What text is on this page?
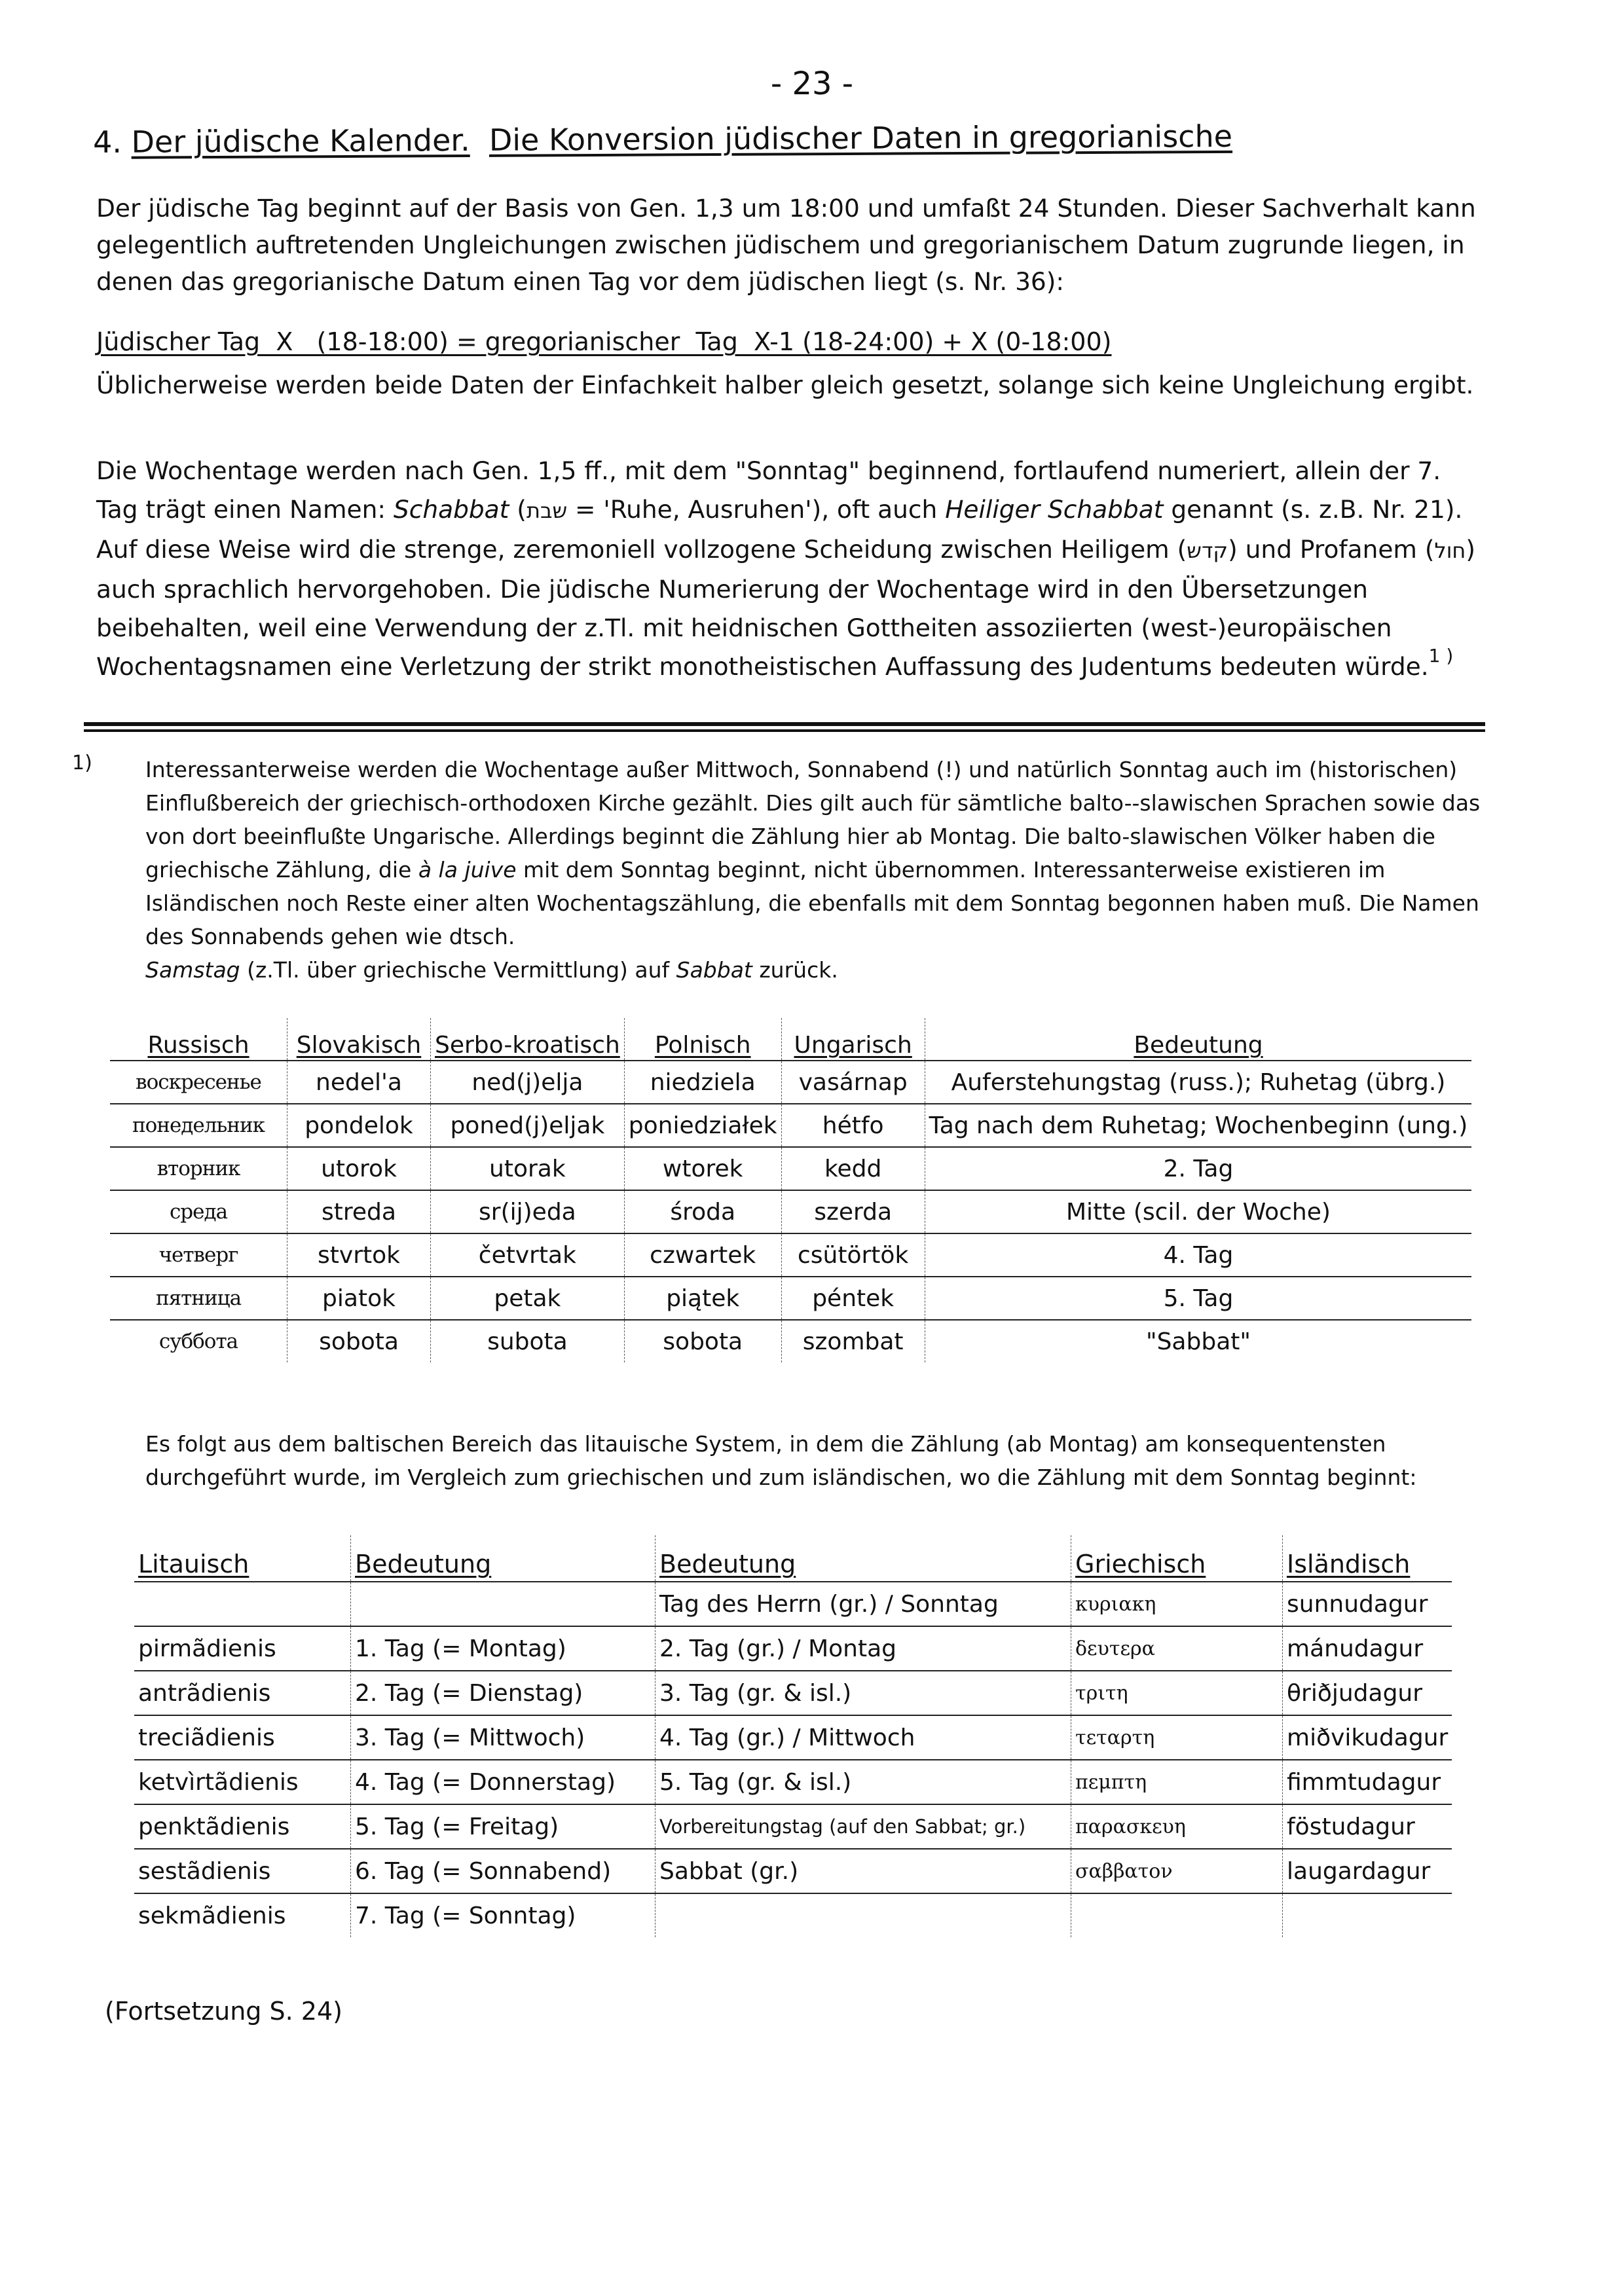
- 23 -
4. Der jüdische Kalender. Die Konversion jüdischer Daten in gregorianische
Der jüdische Tag beginnt auf der Basis von Gen. 1,3 um 18:00 und umfaßt 24 Stunden. Dieser Sachverhalt kann gelegentlich auftretenden Ungleichungen zwischen jüdischem und gregorianischem Datum zugrunde liegen, in denen das gregorianische Datum einen Tag vor dem jüdischen liegt (s. Nr. 36):
Jüdischer Tag  X   (18-18:00) = gregorianischer  Tag  X-1 (18-24:00) + X (0-18:00)
Üblicherweise werden beide Daten der Einfachkeit halber gleich gesetzt, solange sich keine Ungleichung ergibt.
Die Wochentage werden nach Gen. 1,5 ff., mit dem "Sonntag" beginnend, fortlaufend numeriert, allein der 7. Tag trägt einen Namen: Schabbat (שבת = 'Ruhe, Ausruhen'), oft auch Heiliger Schabbat genannt (s. z.B. Nr. 21). Auf diese Weise wird die strenge, zeremoniell vollzogene Scheidung zwischen Heiligem (קדש) und Profanem (חול) auch sprachlich hervorgehoben. Die jüdische Numerierung der Wochentage wird in den Übersetzungen beibehalten, weil eine Verwendung der z.Tl. mit heidnischen Gottheiten assoziierten (west-)europäischen Wochentagsnamen eine Verletzung der strikt monotheistischen Auffassung des Judentums bedeuten würde.$^{1 )}$
1) Interessanterweise werden die Wochentage außer Mittwoch, Sonnabend (!) und natürlich Sonntag auch im (historischen) Einflußbereich der griechisch-orthodoxen Kirche gezählt. Dies gilt auch für sämtliche balto--slawischen Sprachen sowie das von dort beeinflußte Ungarische. Allerdings beginnt die Zählung hier ab Montag. Die balto-slawischen Völker haben die griechische Zählung, die à la juive mit dem Sonntag beginnt, nicht übernommen. Interessanterweise existieren im Isländischen noch Reste einer alten Wochentagszählung, die ebenfalls mit dem Sonntag begonnen haben muß. Die Namen des Sonnabends gehen wie dtsch.
Samstag (z.Tl. über griechische Vermittlung) auf Sabbat zurück.
Russisch	Slovakisch	Serbo-kroatisch	Polnisch	Ungarisch	Bedeutung
воскресенье	nedel'a	ned(j)elja	niedziela	vasárnap	Auferstehungstag (russ.); Ruhetag (übrg.)
понедельник	pondelok	poned(j)eljak	poniedziałek	hétfo	Tag nach dem Ruhetag; Wochenbeginn (ung.)
вторник	utorok	utorak	wtorek	kedd	2. Tag
среда	streda	sr(ij)eda	środa	szerda	Mitte (scil. der Woche)
четверг	stvrtok	četvrtak	czwartek	csütörtök	4. Tag
пятница	piatok	petak	piątek	péntek	5. Tag
суббота	sobota	subota	sobota	szombat	"Sabbat"
Es folgt aus dem baltischen Bereich das litauische System, in dem die Zählung (ab Montag) am konsequentensten durchgeführt wurde, im Vergleich zum griechischen und zum isländischen, wo die Zählung mit dem Sonntag beginnt:
Litauisch	Bedeutung	Bedeutung	Griechisch	Isländisch
		Tag des Herrn (gr.) / Sonntag	κυριακη	sunnudagur
pirmãdienis	1. Tag (= Montag)	2. Tag (gr.) / Montag	δευτερα	mánudagur
antrãdienis	2. Tag (= Dienstag)	3. Tag (gr. & isl.)	τριτη	θriðjudagur
treciãdienis	3. Tag (= Mittwoch)	4. Tag (gr.) / Mittwoch	τεταρτη	miðvikudagur
ketvìrtãdienis	4. Tag (= Donnerstag)	5. Tag (gr. & isl.)	πεμπτη	fimmtudagur
penktãdienis	5. Tag (= Freitag)	Vorbereitungstag (auf den Sabbat; gr.)	παρασκευη	föstudagur
sestãdienis	6. Tag (= Sonnabend)	Sabbat (gr.)	σαββατον	laugardagur
sekmãdienis	7. Tag (= Sonntag)			
(Fortsetzung S. 24)
